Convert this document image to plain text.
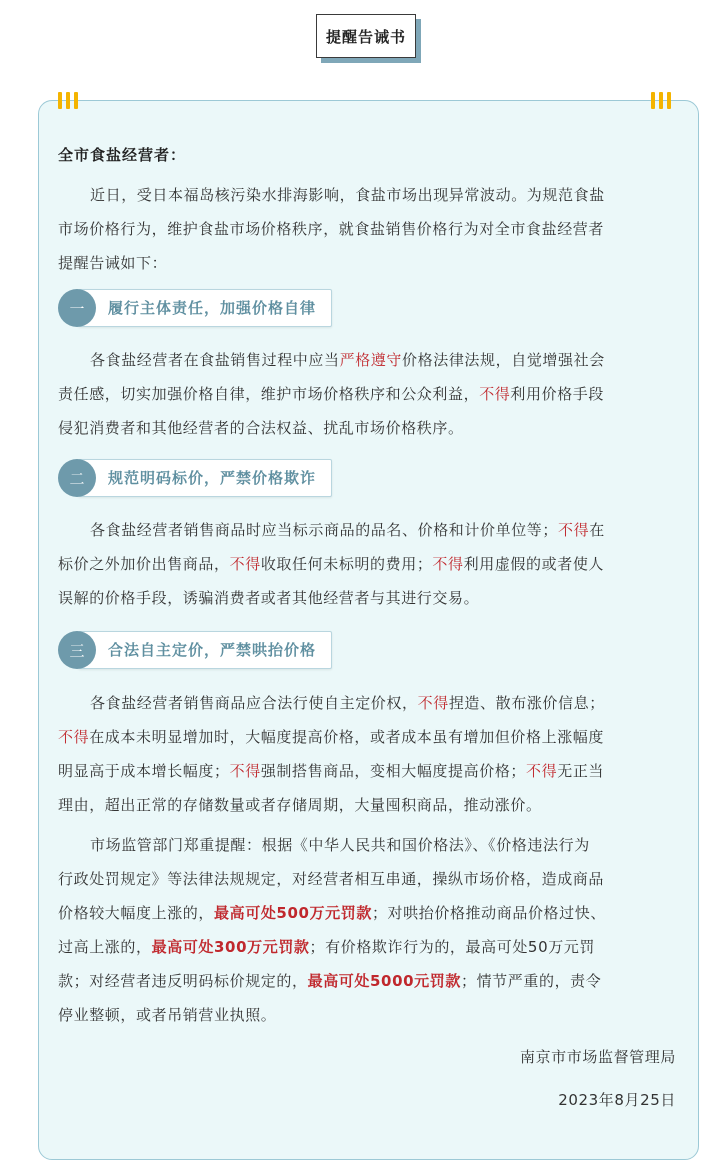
提醒告诫书
全市食盐经营者：

近日，受日本福岛核污染水排海影响，食盐市场出现异常波动。为规范食盐
市场价格行为，维护食盐市场价格秩序，就食盐销售价格行为对全市食盐经营者
提醒告诫如下：

一	履行主体责任，加强价格自律

各食盐经营者在食盐销售过程中应当严格遵守价格法律法规，自觉增强社会
责任感，切实加强价格自律，维护市场价格秩序和公众利益，不得利用价格手段
侵犯消费者和其他经营者的合法权益、扰乱市场价格秩序。

二	规范明码标价，严禁价格欺诈

各食盐经营者销售商品时应当标示商品的品名、价格和计价单位等；不得在
标价之外加价出售商品，不得收取任何未标明的费用；不得利用虚假的或者使人
误解的价格手段，诱骗消费者或者其他经营者与其进行交易。

三	合法自主定价，严禁哄抬价格

各食盐经营者销售商品应合法行使自主定价权，不得捏造、散布涨价信息；
不得在成本未明显增加时，大幅度提高价格，或者成本虽有增加但价格上涨幅度
明显高于成本增长幅度；不得强制搭售商品，变相大幅度提高价格；不得无正当
理由，超出正常的存储数量或者存储周期，大量囤积商品，推动涨价。

市场监管部门郑重提醒：根据《中华人民共和国价格法》、《价格违法行为
行政处罚规定》等法律法规规定，对经营者相互串通，操纵市场价格，造成商品
价格较大幅度上涨的，最高可处500万元罚款；对哄抬价格推动商品价格过快、
过高上涨的，最高可处300万元罚款；有价格欺诈行为的，最高可处50万元罚
款；对经营者违反明码标价规定的，最高可处5000元罚款；情节严重的，责令
停业整顿，或者吊销营业执照。

南京市市场监督管理局
2023年8月25日
